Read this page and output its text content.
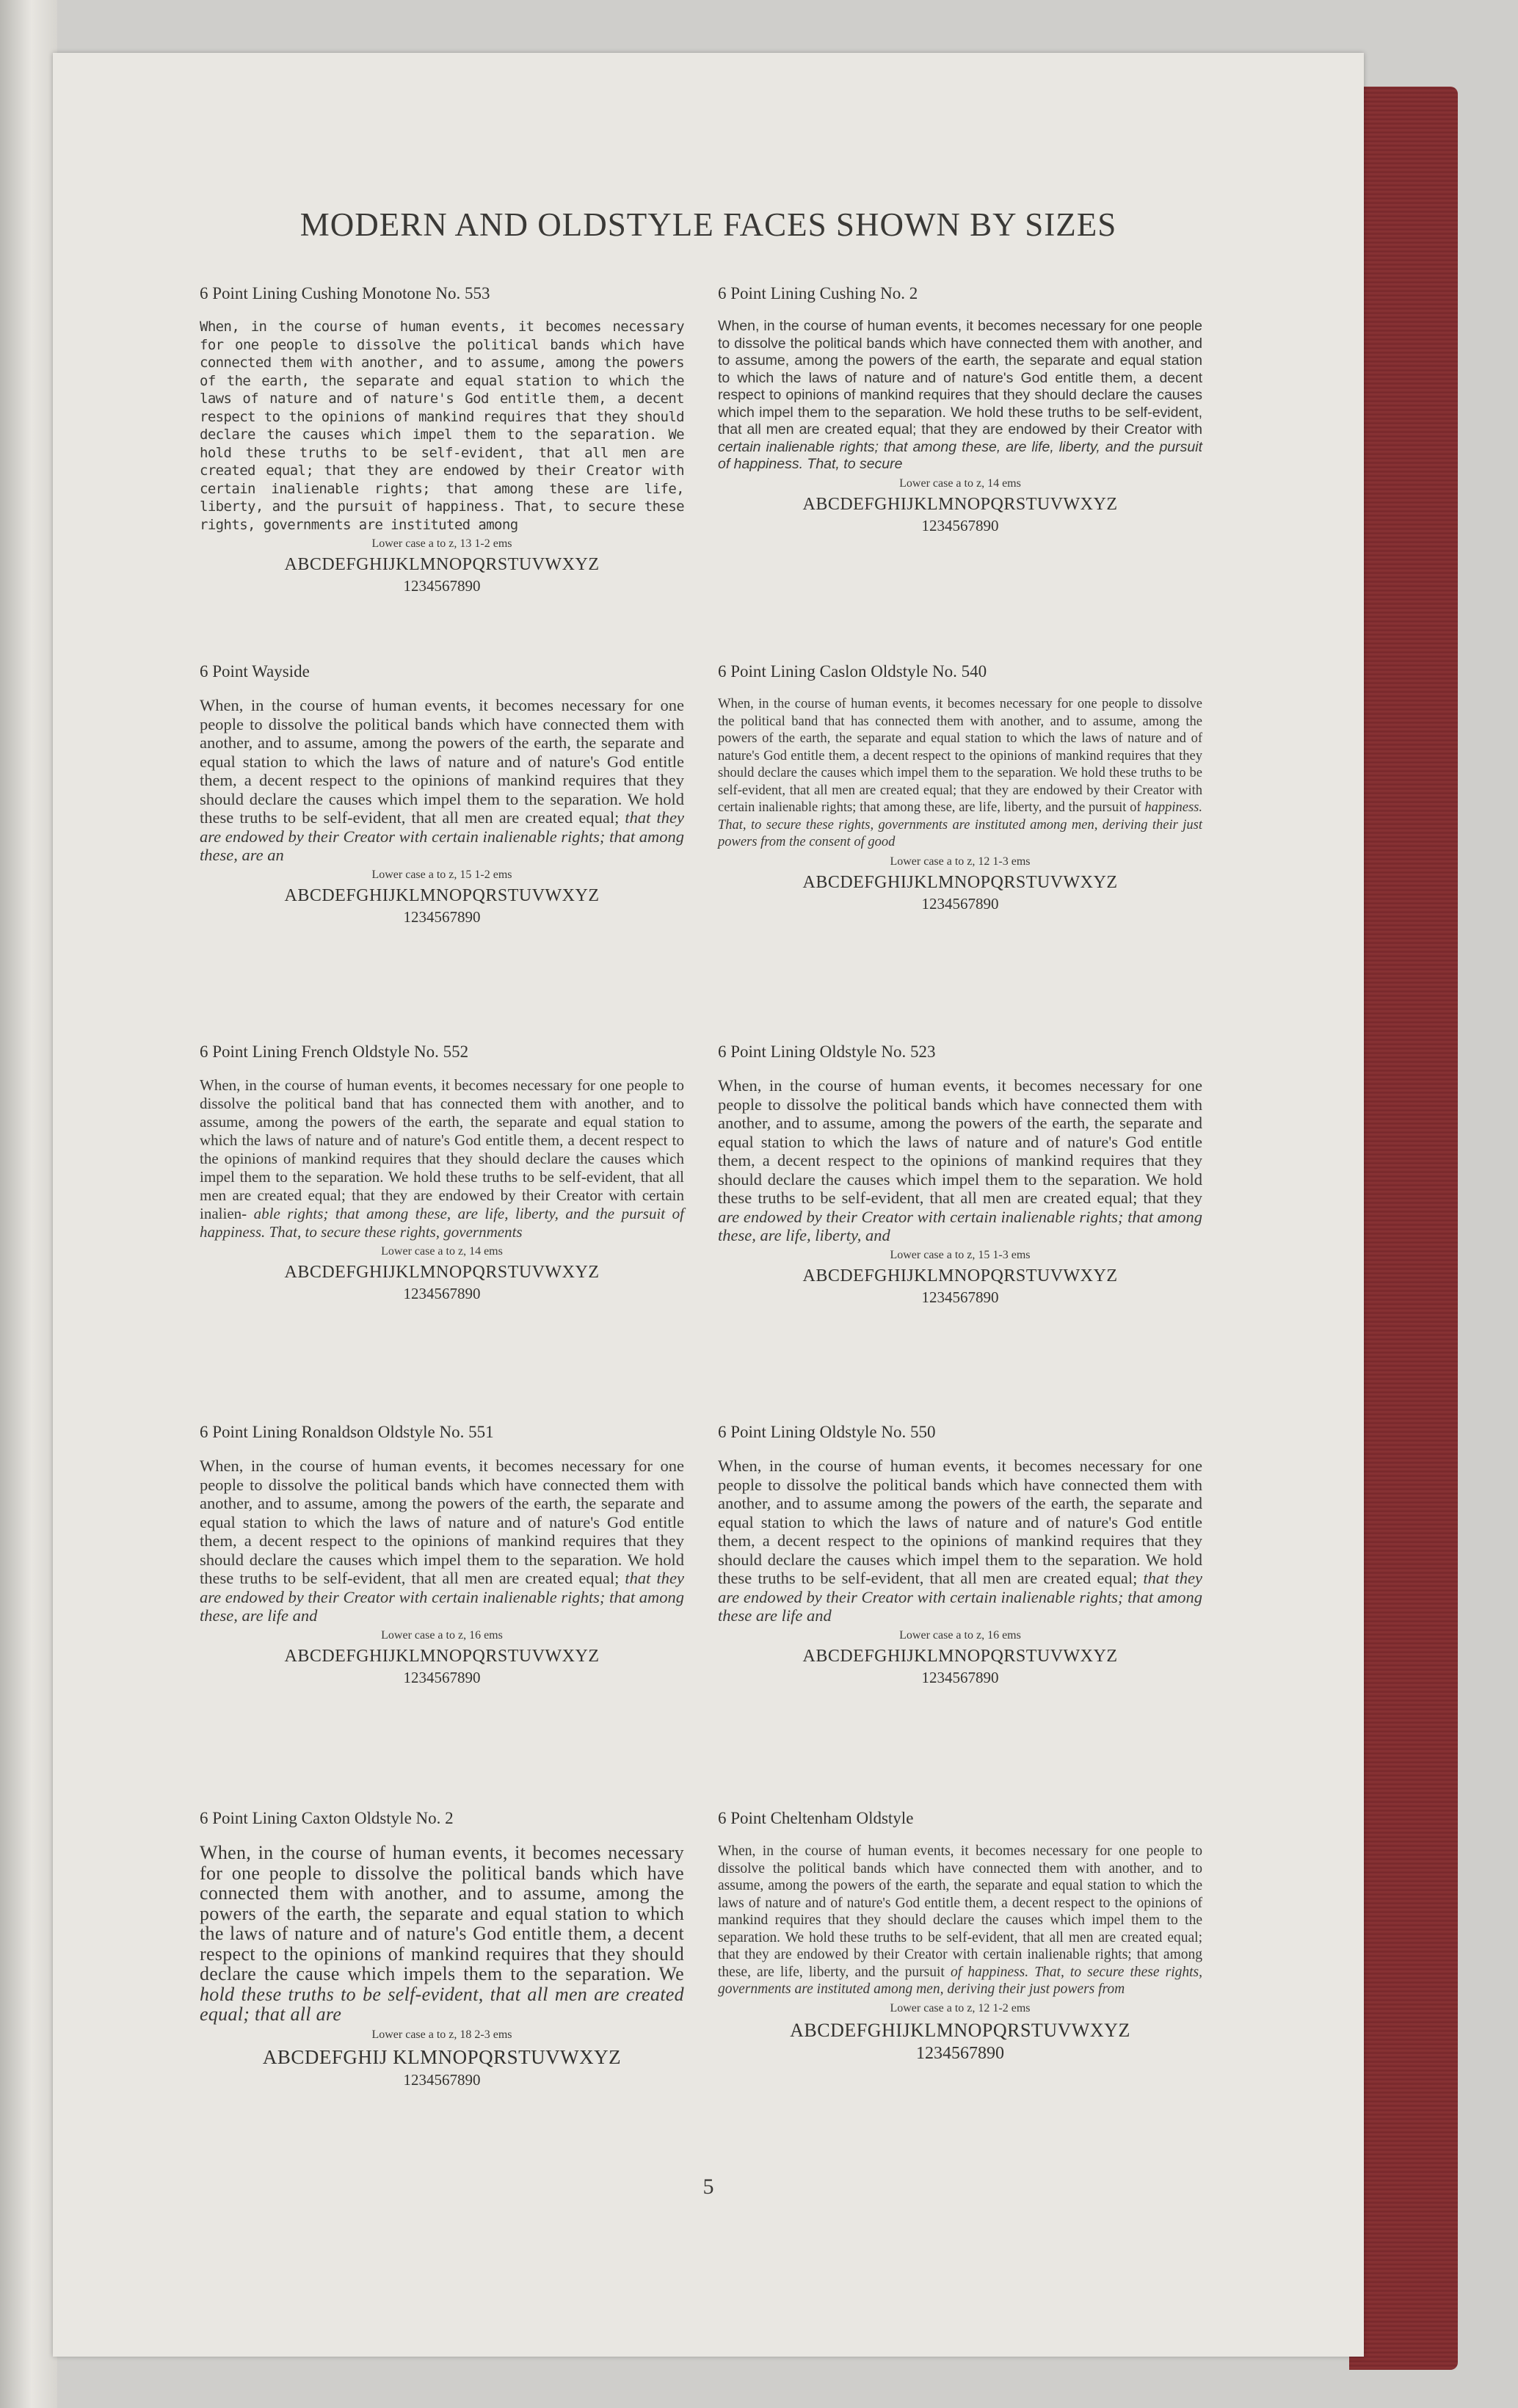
MODERN AND OLDSTYLE FACES SHOWN BY SIZES
6 Point Lining Cushing Monotone No. 553
When, in the course of human events, it becomes necessary for one people to dissolve the political bands which have connected them with another, and to assume, among the powers of the earth, the separate and equal station to which the laws of nature and of nature's God entitle them, a decent respect to the opinions of mankind requires that they should declare the causes which impel them to the separation. We hold these truths to be self-evident, that all men are created equal; that they are endowed by their Creator with certain inalienable rights; that among these are life, liberty, and the pursuit of happiness. That, to secure these rights, governments are instituted among
Lower case a to z, 13 1-2 ems
ABCDEFGHIJKLMNOPQRSTUVWXYZ
1234567890
6 Point Lining Cushing No. 2
When, in the course of human events, it becomes necessary for one people to dissolve the political bands which have connected them with another, and to assume, among the powers of the earth, the separate and equal station to which the laws of nature and of nature's God entitle them, a decent respect to opinions of mankind requires that they should declare the causes which impel them to the separation. We hold these truths to be self-evident, that all men are created equal; that they are endowed by their Creator with certain inalienable rights; that among these, are life, liberty, and the pursuit of happiness. That, to secure
Lower case a to z, 14 ems
ABCDEFGHIJKLMNOPQRSTUVWXYZ
1234567890
6 Point Wayside
When, in the course of human events, it becomes necessary for one people to dissolve the political bands which have connected them with another, and to assume, among the powers of the earth, the separate and equal station to which the laws of nature and of nature's God entitle them, a decent respect to the opinions of mankind requires that they should declare the causes which impel them to the separation. We hold these truths to be self-evident, that all men are created equal; that they are endowed by their Creator with certain inalienable rights; that among these, are an
Lower case a to z, 15 1-2 ems
ABCDEFGHIJKLMNOPQRSTUVWXYZ
1234567890
6 Point Lining Caslon Oldstyle No. 540
When, in the course of human events, it becomes necessary for one people to dissolve the political band that has connected them with another, and to assume, among the powers of the earth, the separate and equal station to which the laws of nature and of nature's God entitle them, a decent respect to the opinions of mankind requires that they should declare the causes which impel them to the separation. We hold these truths to be self-evident, that all men are created equal; that they are endowed by their Creator with certain inalienable rights; that among these, are life, liberty, and the pursuit of happiness. That, to secure these rights, governments are instituted among men, deriving their just powers from the consent of good
Lower case a to z, 12 1-3 ems
ABCDEFGHIJKLMNOPQRSTUVWXYZ
1234567890
6 Point Lining French Oldstyle No. 552
When, in the course of human events, it becomes necessary for one people to dissolve the political band that has connected them with another, and to assume, among the powers of the earth, the separate and equal station to which the laws of nature and of nature's God entitle them, a decent respect to the opinions of mankind requires that they should declare the causes which impel them to the separation. We hold these truths to be self-evident, that all men are created equal; that they are endowed by their Creator with certain inalien- able rights; that among these, are life, liberty, and the pursuit of happiness. That, to secure these rights, governments
Lower case a to z, 14 ems
ABCDEFGHIJKLMNOPQRSTUVWXYZ
1234567890
6 Point Lining Oldstyle No. 523
When, in the course of human events, it becomes necessary for one people to dissolve the political bands which have connected them with another, and to assume, among the powers of the earth, the separate and equal station to which the laws of nature and of nature's God entitle them, a decent respect to the opinions of mankind requires that they should declare the causes which impel them to the separation. We hold these truths to be self-evident, that all men are created equal; that they are endowed by their Creator with certain inalienable rights; that among these, are life, liberty, and
Lower case a to z, 15 1-3 ems
ABCDEFGHIJKLMNOPQRSTUVWXYZ
1234567890
6 Point Lining Ronaldson Oldstyle No. 551
When, in the course of human events, it becomes necessary for one people to dissolve the political bands which have connected them with another, and to assume, among the powers of the earth, the separate and equal station to which the laws of nature and of nature's God entitle them, a decent respect to the opinions of mankind requires that they should declare the causes which impel them to the separation. We hold these truths to be self-evident, that all men are created equal; that they are endowed by their Creator with certain inalienable rights; that among these, are life and
Lower case a to z, 16 ems
ABCDEFGHIJKLMNOPQRSTUVWXYZ
1234567890
6 Point Lining Oldstyle No. 550
When, in the course of human events, it becomes necessary for one people to dissolve the political bands which have connected them with another, and to assume among the powers of the earth, the separate and equal station to which the laws of nature and of nature's God entitle them, a decent respect to the opinions of mankind requires that they should declare the causes which impel them to the separation. We hold these truths to be self-evident, that all men are created equal; that they are endowed by their Creator with certain inalienable rights; that among these are life and
Lower case a to z, 16 ems
ABCDEFGHIJKLMNOPQRSTUVWXYZ
1234567890
6 Point Lining Caxton Oldstyle No. 2
When, in the course of human events, it becomes necessary for one people to dissolve the political bands which have connected them with another, and to assume, among the powers of the earth, the separate and equal station to which the laws of nature and of nature's God entitle them, a decent respect to the opinions of mankind requires that they should declare the cause which impels them to the separation. We hold these truths to be self-evident, that all men are created equal; that all are
Lower case a to z, 18 2-3 ems
ABCDEFGHIJ KLMNOPQRSTUVWXYZ
1234567890
6 Point Cheltenham Oldstyle
When, in the course of human events, it becomes necessary for one people to dissolve the political bands which have connected them with another, and to assume, among the powers of the earth, the separate and equal station to which the laws of nature and of nature's God entitle them, a decent respect to the opinions of mankind requires that they should declare the causes which impel them to the separation. We hold these truths to be self-evident, that all men are created equal; that they are endowed by their Creator with certain inalienable rights; that among these, are life, liberty, and the pursuit of happiness. That, to secure these rights, governments are instituted among men, deriving their just powers from
Lower case a to z, 12 1-2 ems
ABCDEFGHIJKLMNOPQRSTUVWXYZ
1234567890
5
